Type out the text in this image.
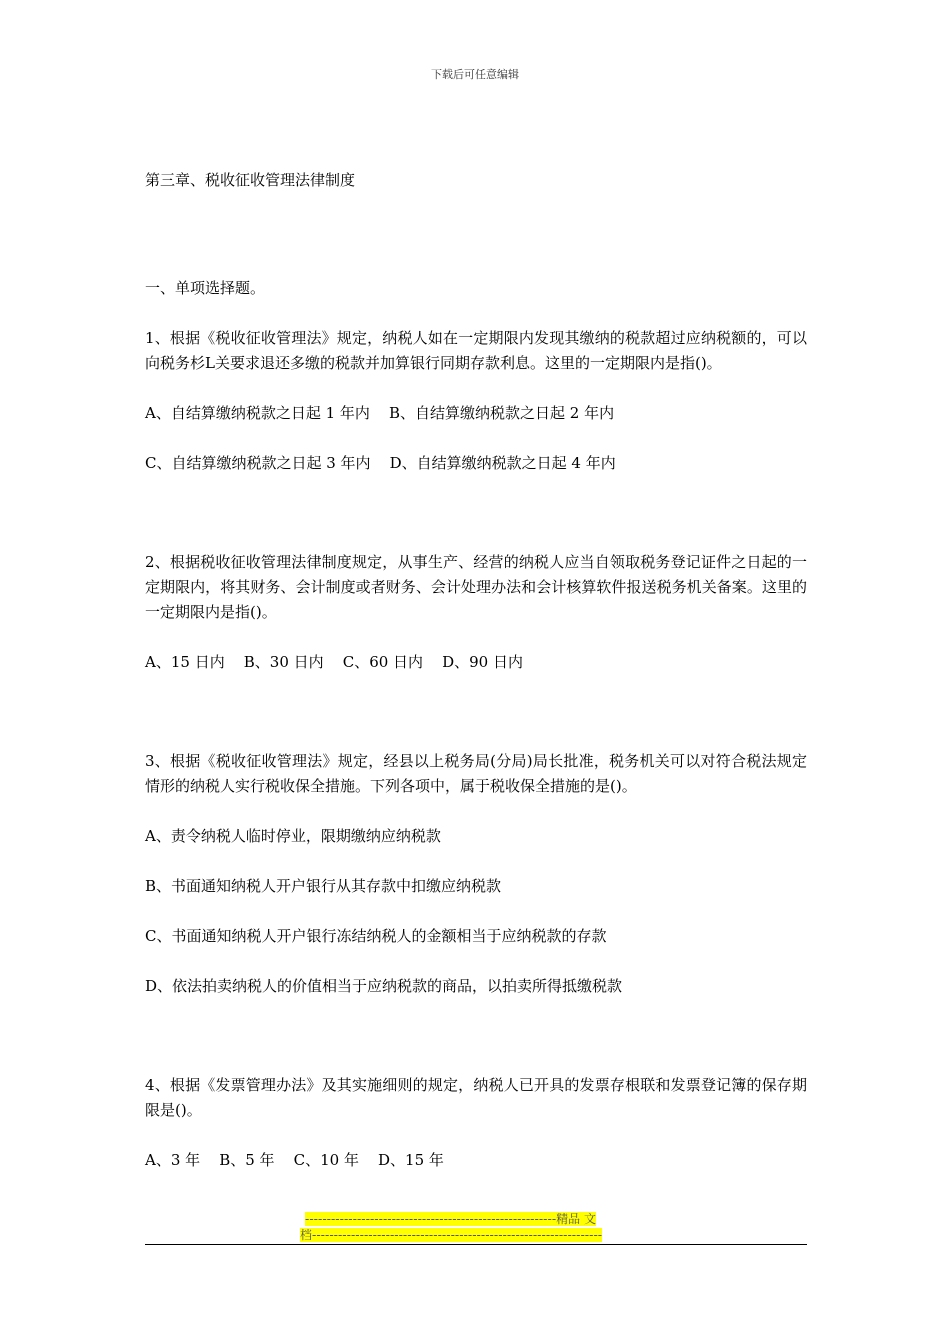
下载后可任意编辑

第三章、税收征收管理法律制度

一、单项选择题。

1、根据《税收征收管理法》规定，纳税人如在一定期限内发现其缴纳的税款超过应纳税额的，可以向税务杉L关要求退还多缴的税款并加算银行同期存款利息。这里的一定期限内是指()。

A、自结算缴纳税款之日起 1 年内    B、自结算缴纳税款之日起 2 年内

C、自结算缴纳税款之日起 3 年内    D、自结算缴纳税款之日起 4 年内

2、根据税收征收管理法律制度规定，从事生产、经营的纳税人应当自领取税务登记证件之日起的一定期限内，将其财务、会计制度或者财务、会计处理办法和会计核算软件报送税务机关备案。这里的一定期限内是指()。

A、15 日内    B、30 日内    C、60 日内    D、90 日内

3、根据《税收征收管理法》规定，经县以上税务局(分局)局长批准，税务机关可以对符合税法规定情形的纳税人实行税收保全措施。下列各项中，属于税收保全措施的是()。

A、责令纳税人临时停业，限期缴纳应纳税款

B、书面通知纳税人开户银行从其存款中扣缴应纳税款

C、书面通知纳税人开户银行冻结纳税人的金额相当于应纳税款的存款

D、依法拍卖纳税人的价值相当于应纳税款的商品，以拍卖所得抵缴税款

4、根据《发票管理办法》及其实施细则的规定，纳税人已开具的发票存根联和发票登记簿的保存期限是()。

A、3 年    B、5 年    C、10 年    D、15 年

----------------------------------------------------------精品 文
档-------------------------------------------------------------------
